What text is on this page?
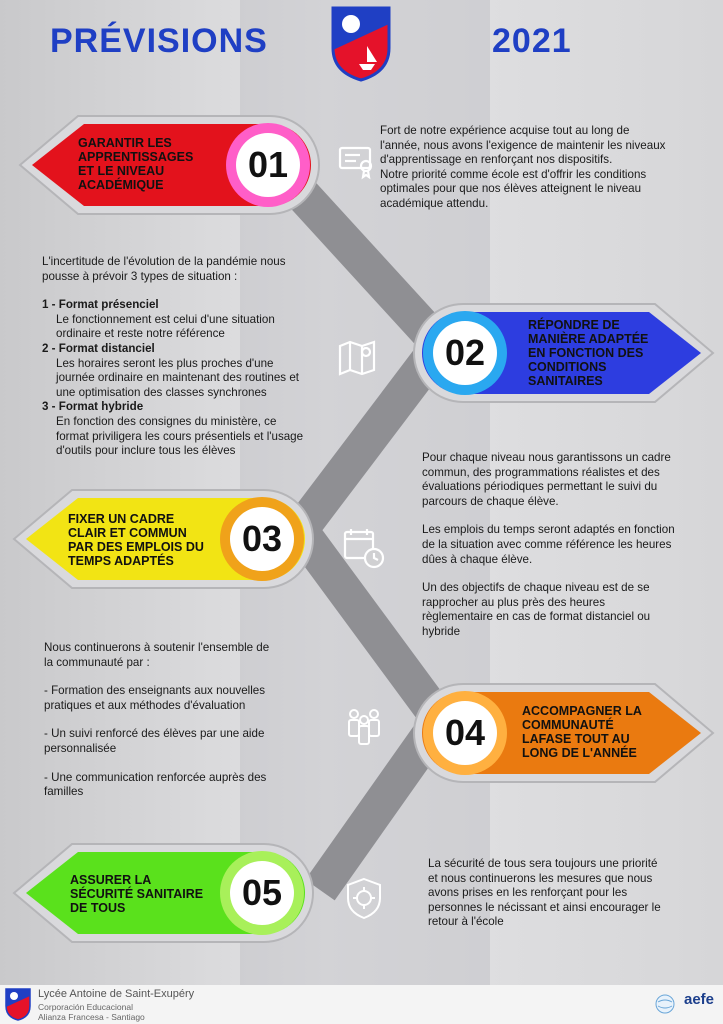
PRÉVISIONS	2021
GARANTIR LES
APPRENTISSAGES
ET LE NIVEAU
ACADÉMIQUE	01
02
RÉPONDRE DE
MANIÈRE ADAPTÉE
EN FONCTION DES
CONDITIONS
SANITAIRES
FIXER UN CADRE
CLAIR ET COMMUN
PAR DES EMPLOIS DU
TEMPS ADAPTÉS
03
04
ACCOMPAGNER LA
COMMUNAUTÉ
LAFASE TOUT AU
LONG DE L'ANNÉE
ASSURER LA
SÉCURITÉ SANITAIRE
DE TOUS	05

Fort de notre expérience acquise tout au long de

l'année, nous avons l'exigence de maintenir les niveaux

d'apprentissage en renforçant nos dispositifs.

Notre priorité comme école est d'offrir les conditions

optimales pour que nos élèves atteignent le niveau

académique attendu.

L'incertitude de l'évolution de la pandémie nous

pousse à prévoir 3 types de situation :

1 - Format présenciel

Le fonctionnement est celui d'une situation

ordinaire et reste notre référence

2 - Format distanciel

Les horaires seront les plus proches d'une

journée ordinaire en maintenant des routines et

une optimisation des classes synchrones

3 - Format hybride

En fonction des consignes du ministère, ce

format priviligera les cours présentiels et l'usage

d'outils pour inclure tous les élèves

Pour chaque niveau nous garantissons un cadre

commun, des programmations réalistes et des

évaluations périodiques permettant le suivi du

parcours de chaque élève.

Les emplois du temps seront adaptés en fonction

de la situation avec comme référence les heures

dûes à chaque élève.

Un des objectifs de chaque niveau est de se

rapprocher au plus près des heures

règlementaire en cas de format distanciel ou

hybride

Nous continuerons à soutenir l'ensemble de

la communauté par :

- Formation des enseignants aux nouvelles

pratiques et aux méthodes d'évaluation

- Un suivi renforcé des élèves par une aide

personnalisée

- Une communication renforcée auprès des

familles

La sécurité de tous sera toujours une priorité

et nous continuerons les mesures que nous

avons prises en les renforçant pour les

personnes le nécissant et ainsi encourager le

retour à l'école

Lycée Antoine de Saint-Exupéry
Corporación Educacional
Alianza Francesa - Santiago
aefe
